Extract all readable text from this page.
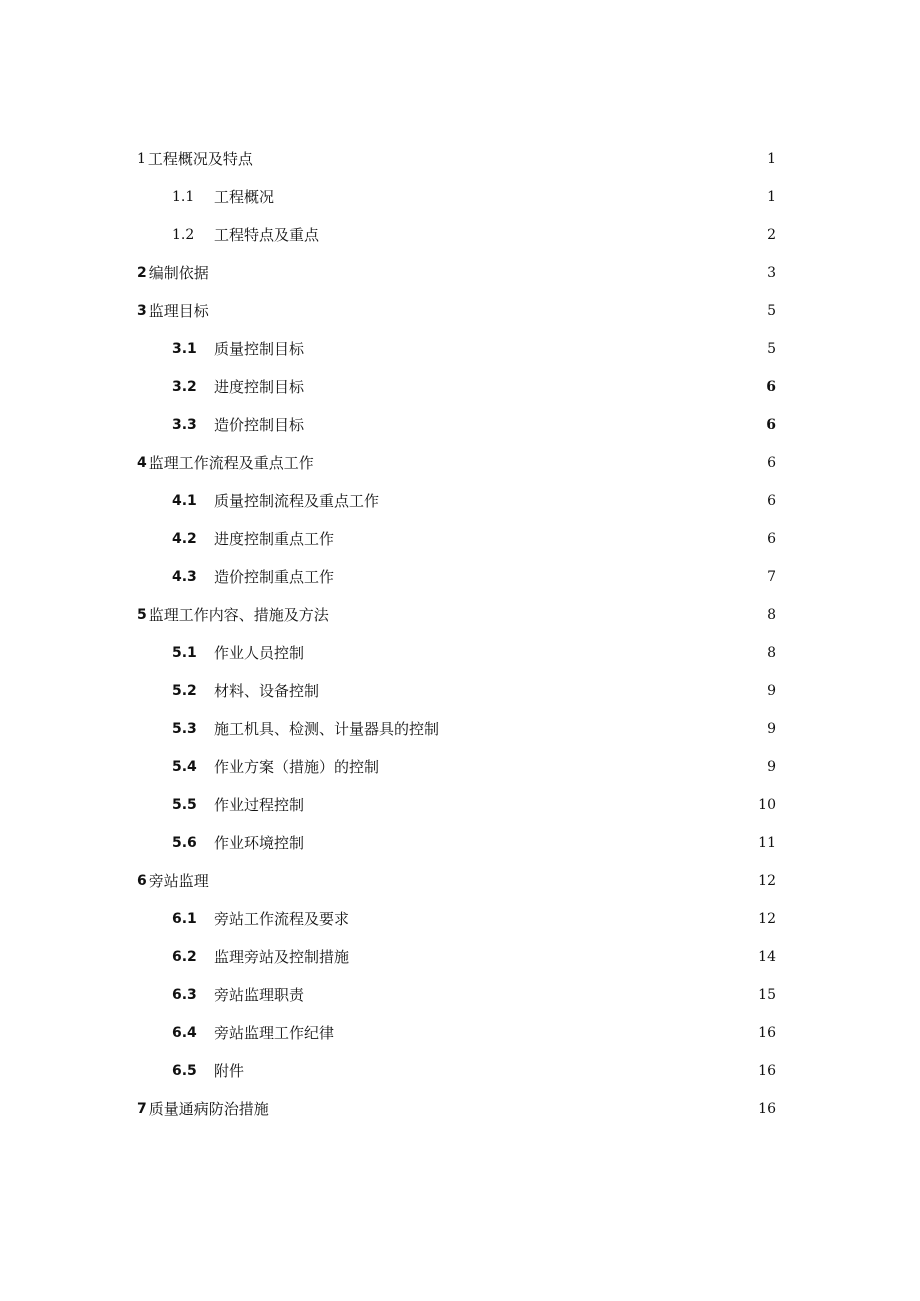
1 工程概况及特点	1
1.1	工程概况	1
1.2	工程特点及重点	2
2 编制依据	3
3 监理目标	5
3.1	质量控制目标	5
3.2	进度控制目标	6
3.3	造价控制目标	6
4 监理工作流程及重点工作	6
4.1	质量控制流程及重点工作	6
4.2	进度控制重点工作	6
4.3	造价控制重点工作	7
5 监理工作内容、措施及方法	8
5.1	作业人员控制	8
5.2	材料、设备控制	9
5.3	施工机具、检测、计量器具的控制	9
5.4	作业方案（措施）的控制	9
5.5	作业过程控制	10
5.6	作业环境控制	11
6 旁站监理	12
6.1	旁站工作流程及要求	12
6.2	监理旁站及控制措施	14
6.3	旁站监理职责	15
6.4	旁站监理工作纪律	16
6.5	附件	16
7 质量通病防治措施	16
